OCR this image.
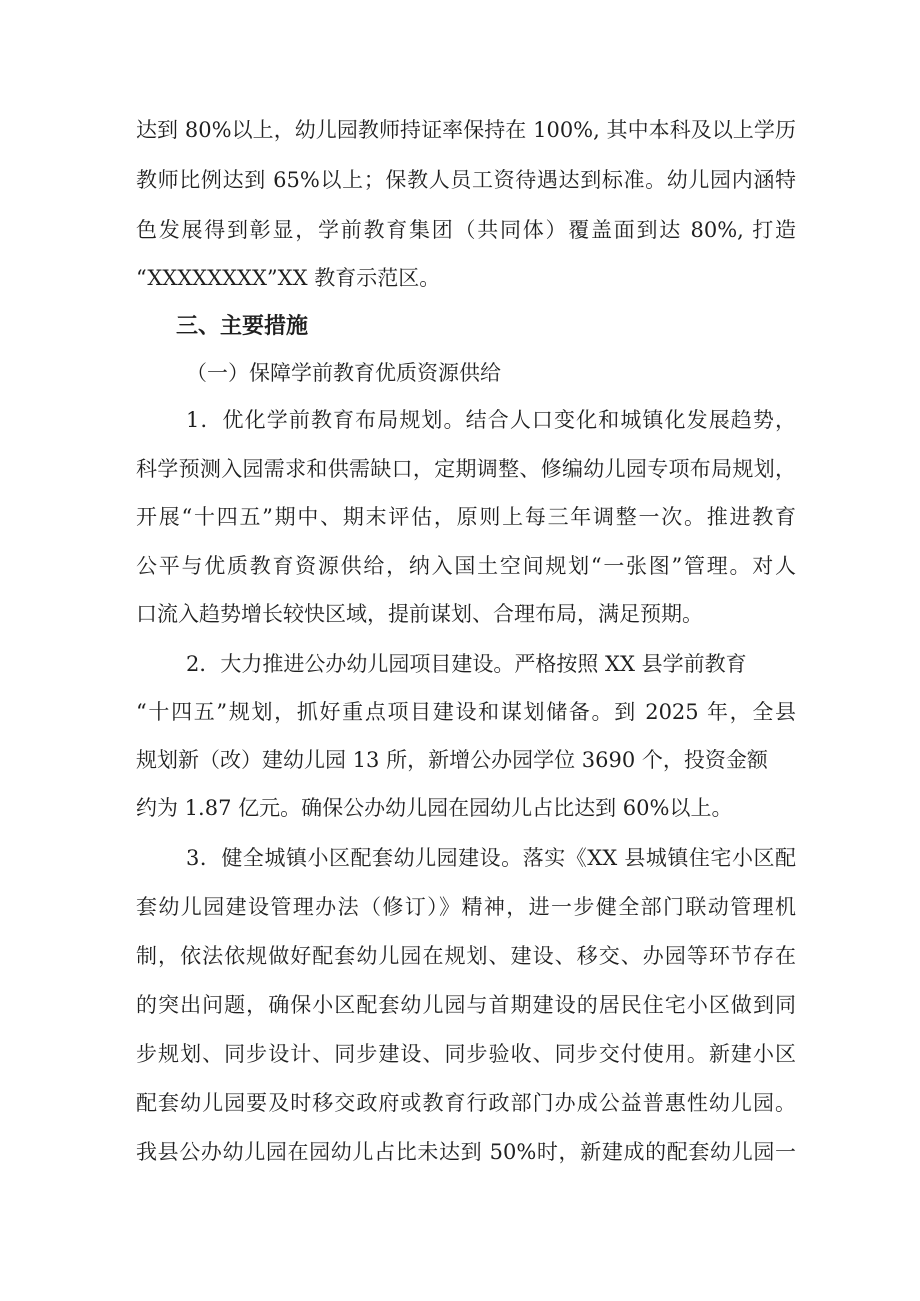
达到 80%以上，幼儿园教师持证率保持在 100%, 其中本科及以上学历
教师比例达到 65%以上；保教人员工资待遇达到标准。幼儿园内涵特
色发展得到彰显，学前教育集团（共同体）覆盖面到达 80%, 打造
“XXXXXXXX”XX 教育示范区。
三、主要措施
（一）保障学前教育优质资源供给
1．优化学前教育布局规划。结合人口变化和城镇化发展趋势，
科学预测入园需求和供需缺口，定期调整、修编幼儿园专项布局规划，
开展“十四五”期中、期末评估，原则上每三年调整一次。推进教育
公平与优质教育资源供给，纳入国土空间规划“一张图”管理。对人
口流入趋势增长较快区域，提前谋划、合理布局，满足预期。
2．大力推进公办幼儿园项目建设。严格按照 XX 县学前教育
“十四五”规划，抓好重点项目建设和谋划储备。到 2025 年，全县
规划新（改）建幼儿园 13 所，新增公办园学位 3690 个，投资金额
约为 1.87 亿元。确保公办幼儿园在园幼儿占比达到 60%以上。
3．健全城镇小区配套幼儿园建设。落实《XX 县城镇住宅小区配
套幼儿园建设管理办法（修订）》精神，进一步健全部门联动管理机
制，依法依规做好配套幼儿园在规划、建设、移交、办园等环节存在
的突出问题，确保小区配套幼儿园与首期建设的居民住宅小区做到同
步规划、同步设计、同步建设、同步验收、同步交付使用。新建小区
配套幼儿园要及时移交政府或教育行政部门办成公益普惠性幼儿园。
我县公办幼儿园在园幼儿占比未达到 50%时，新建成的配套幼儿园一
